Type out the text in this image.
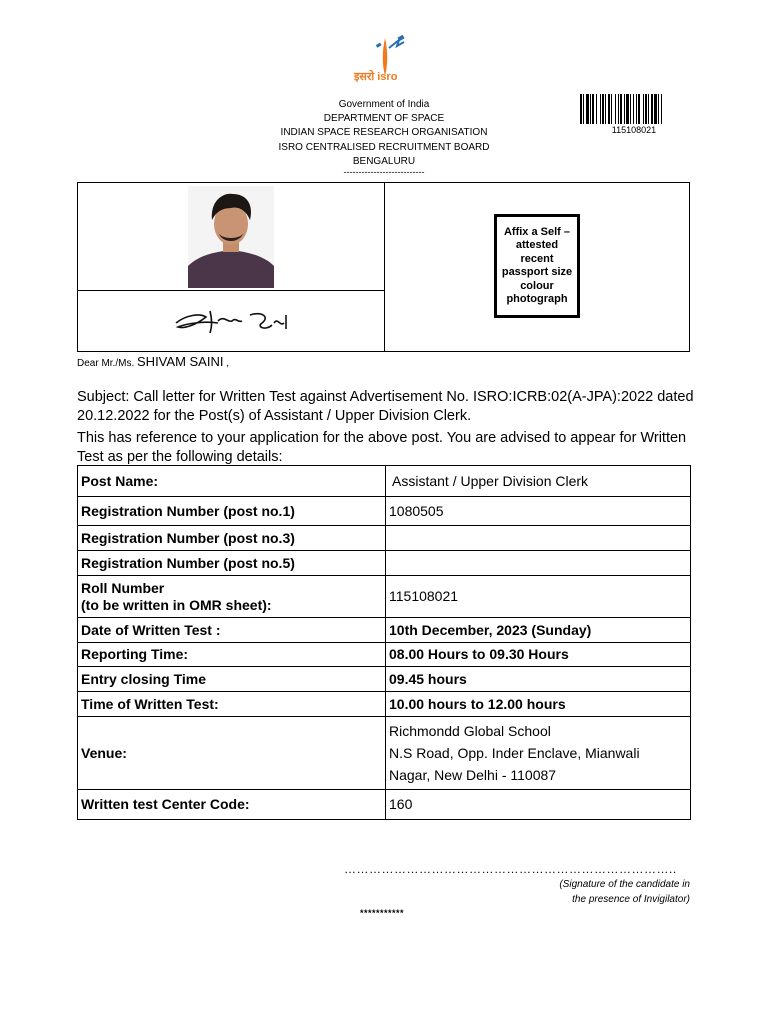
इसरो isro
Government of India
DEPARTMENT OF SPACE
INDIAN SPACE RESEARCH ORGANISATION
ISRO CENTRALISED RECRUITMENT BOARD
BENGALURU
---------------------------
115108021
Shivam Saini
Affix a Self – attested recent passport size colour photograph
Dear Mr./Ms. SHIVAM SAINI ,
Subject: Call letter for Written Test against Advertisement No. ISRO:ICRB:02(A-JPA):2022 dated 20.12.2022 for the Post(s) of Assistant / Upper Division Clerk.
This has reference to your application for the above post. You are advised to appear for Written Test as per the following details:
Post Name:	Assistant / Upper Division Clerk
Registration Number (post no.1)	1080505
Registration Number (post no.3)	
Registration Number (post no.5)	

Roll Number
(to be written in OMR sheet):	115108021
Date of Written Test :	10th December, 2023 (Sunday)
Reporting Time:	08.00 Hours to 09.30 Hours
Entry closing Time	09.45 hours
Time of Written Test:	10.00 hours to 12.00 hours
Venue:	Richmondd Global School
N.S Road, Opp. Inder Enclave, Mianwali
Nagar, New Delhi - 110087

Written test Center Code:	160
……………………………………………………………………..
(Signature of the candidate in
the presence of Invigilator)
***********
